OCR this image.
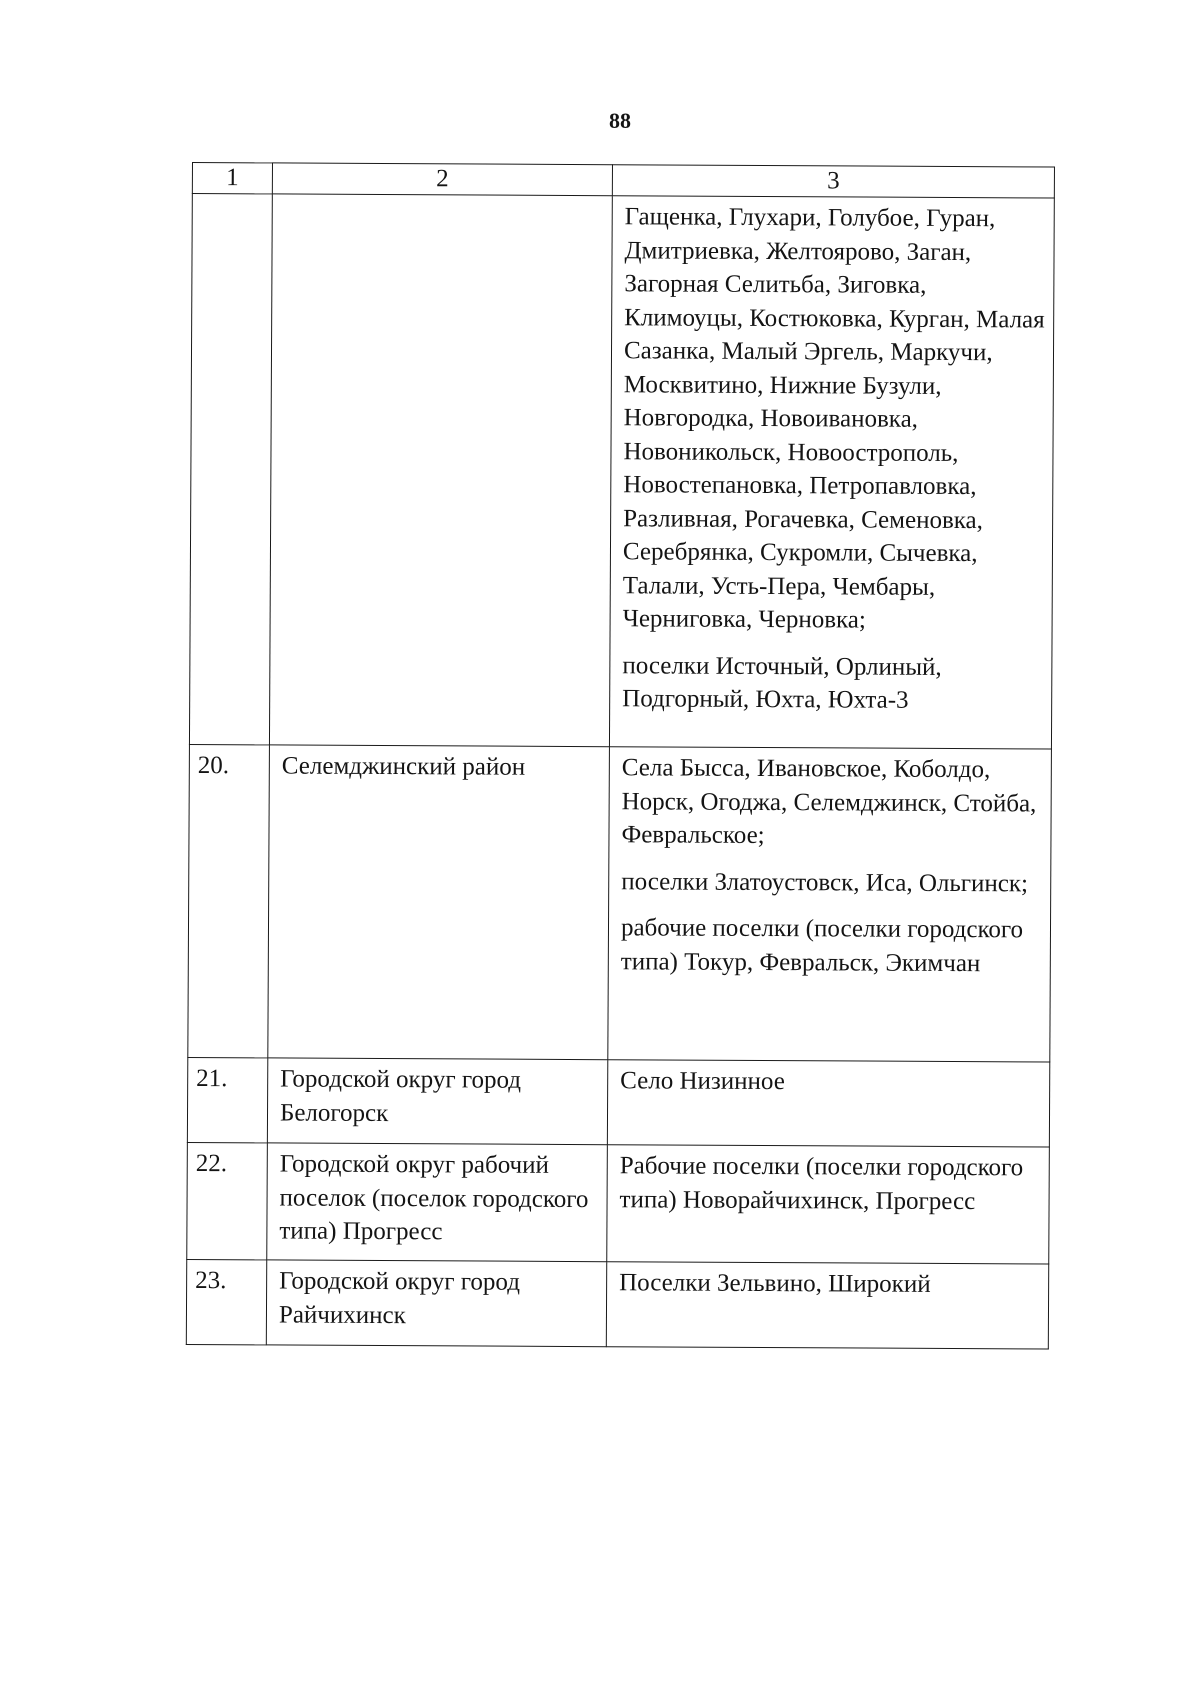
88
1	2	3

		Гащенка, Глухари, Голубое, Гуран, Дмитриевка, Желтоярово, Заган, Загорная Селитьба, Зиговка, Климоуцы, Костюковка, Курган, Малая Сазанка, Малый Эргель, Маркучи, Москвитино, Нижние Бузули, Новгородка, Новоивановка, Новоникольск, Новоострополь, Новостепановка, Петропавловка, Разливная, Рогачевка, Семеновка, Серебрянка, Сукромли, Сычевка, Талали, Усть-Пера, Чембары, Черниговка, Черновка;

поселки Источный, Орлиный, Подгорный, Юхта, Юхта-3

20.	Селемджинский район	Села Бысса, Ивановское, Коболдо, Норск, Огоджа, Селемджинск, Стойба, Февральское;

поселки Златоустовск, Иса, Ольгинск;

рабочие поселки (поселки городского типа) Токур, Февральск, Экимчан

21.	Городской округ город Белогорск	Село Низинное

22.	Городской округ рабочий поселок (поселок городского типа) Прогресс	Рабочие поселки (поселки городского типа) Новорайчихинск, Прогресс

23.	Городской округ город Райчихинск	Поселки Зельвино, Широкий
